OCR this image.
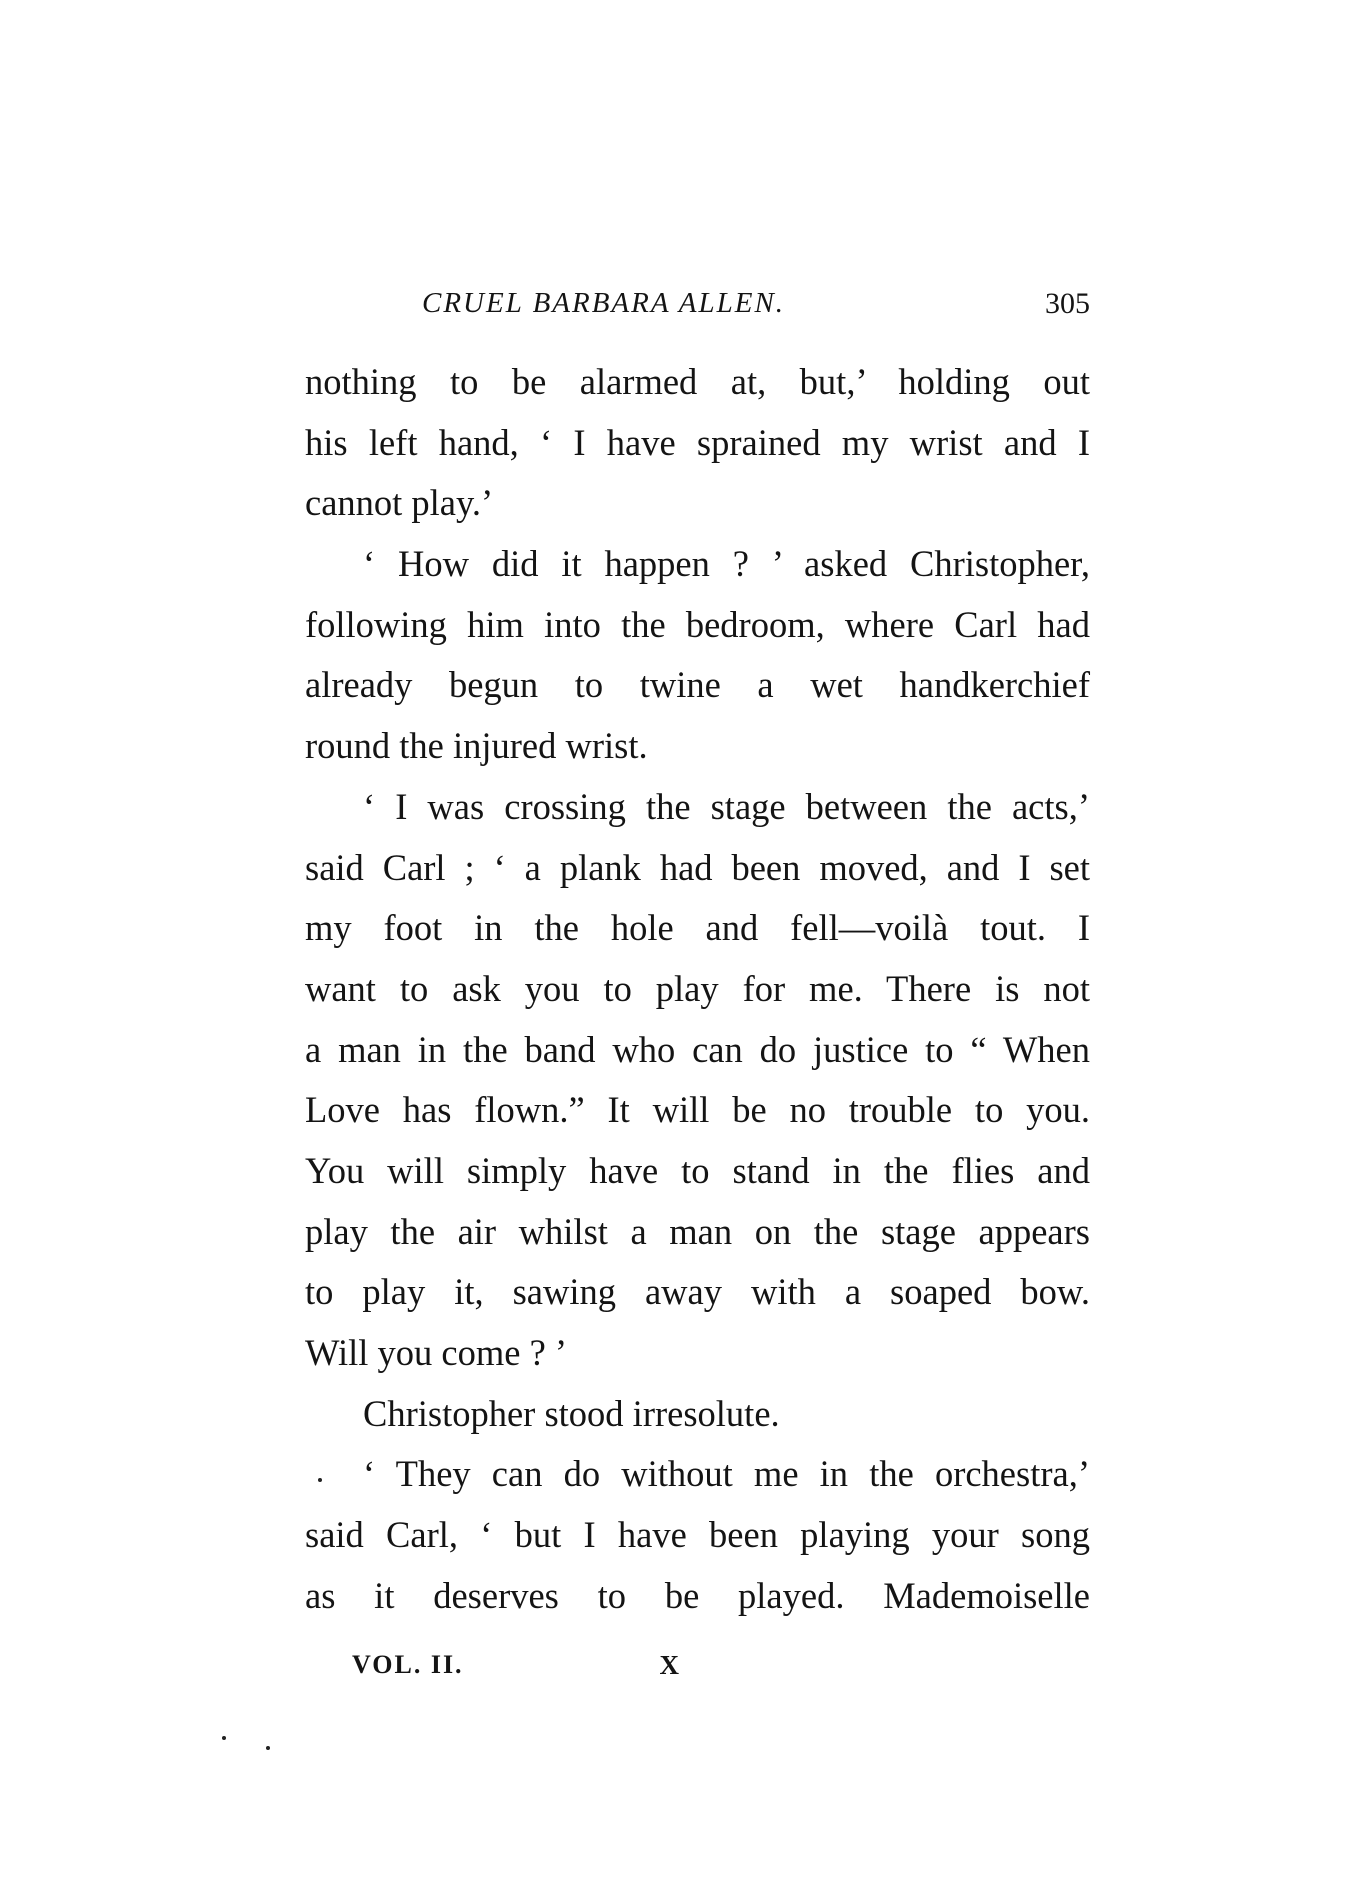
CRUEL BARBARA ALLEN.	305
nothing to be alarmed at, but,’ holding out
his left hand, ‘ I have sprained my wrist and I
cannot play.’
‘ How did it happen ? ’ asked Christopher,
following him into the bedroom, where Carl had
already begun to twine a wet handkerchief
round the injured wrist.
‘ I was crossing the stage between the acts,’
said Carl ; ‘ a plank had been moved, and I set
my foot in the hole and fell—voilà tout. I
want to ask you to play for me. There is not
a man in the band who can do justice to “ When
Love has flown.” It will be no trouble to you.
You will simply have to stand in the flies and
play the air whilst a man on the stage appears
to play it, sawing away with a soaped bow.
Will you come ? ’
Christopher stood irresolute.
‘ They can do without me in the orchestra,’
said Carl, ‘ but I have been playing your song
as it deserves to be played. Mademoiselle
VOL. II.	X
